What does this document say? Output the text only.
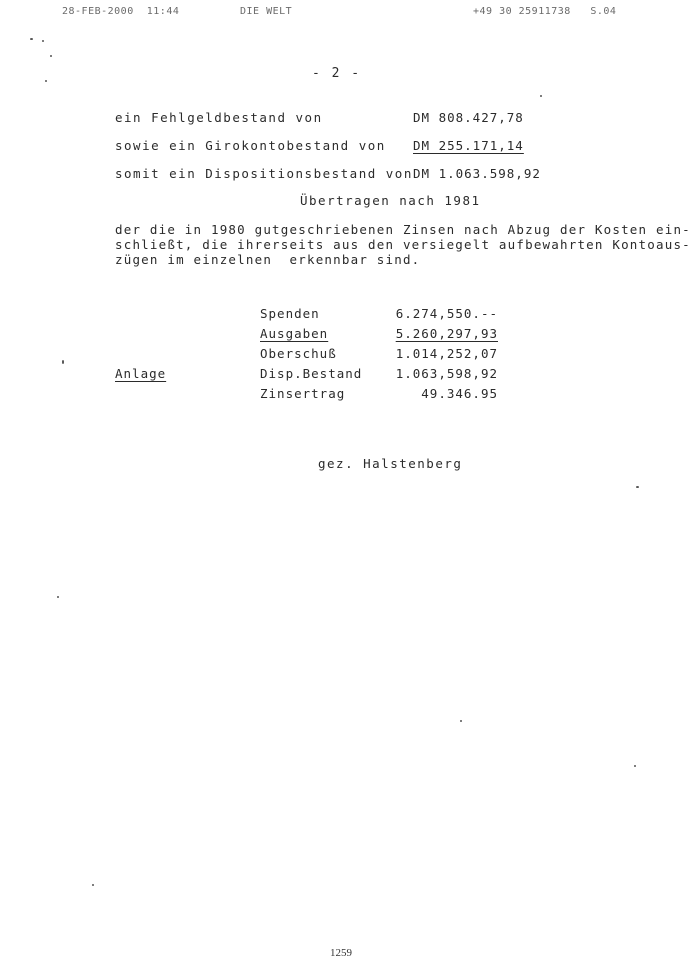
28-FEB-2000  11:44	DIE WELT	+49 30 25911738   S.04
- 2 -
ein Fehlgeldbestand von	DM 808.427,78
sowie ein Girokontobestand von DM 255.171,14
somit ein Dispositionsbestand von DM 1.063.598,92
Übertragen nach 1981
der die in 1980 gutgeschriebenen Zinsen nach Abzug der Kosten ein-
schließt, die ihrerseits aus den versiegelt aufbewahrten Kontoaus-
zügen im einzelnen  erkennbar sind.
Spenden	6.274,550.--
Ausgaben	5.260,297,93
Oberschuß	1.014,252,07
Anlage	Disp.Bestand	1.063,598,92
Zinsertrag	49.346.95
gez. Halstenberg
1259
